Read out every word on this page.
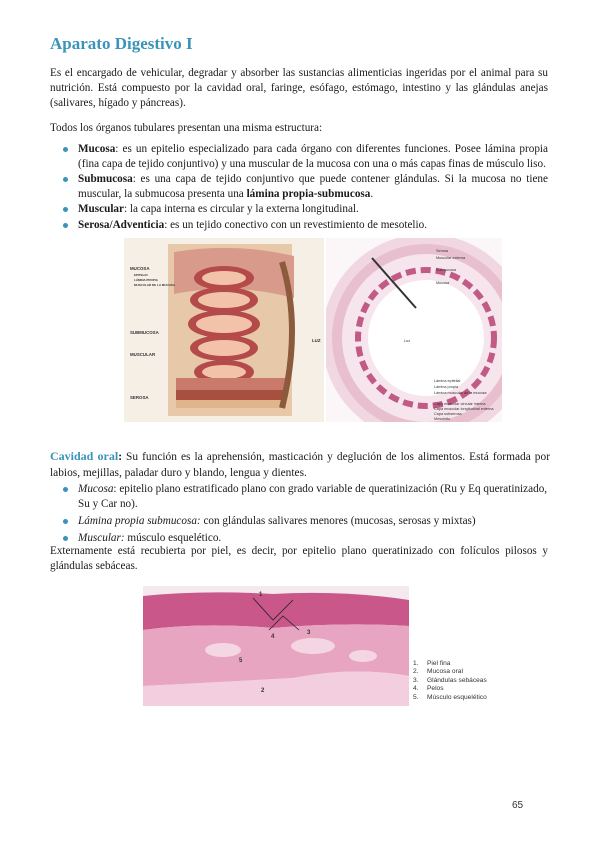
Aparato Digestivo I
Es el encargado de vehicular, degradar y absorber las sustancias alimenticias ingeridas por el animal para su nutrición. Está compuesto por la cavidad oral, faringe, esófago, estómago, intestino y las glándulas anejas (salivares, hígado y páncreas).
Todos los órganos tubulares presentan una misma estructura:
Mucosa: es un epitelio especializado para cada órgano con diferentes funciones. Posee lámina propia (fina capa de tejido conjuntivo) y una muscular de la mucosa con una o más capas finas de músculo liso.
Submucosa: es una capa de tejido conjuntivo que puede contener glándulas. Si la mucosa no tiene muscular, la submucosa presenta una lámina propia-submucosa.
Muscular: la capa interna es circular y la externa longitudinal.
Serosa/Adventicia: es un tejido conectivo con un revestimiento de mesotelio.
MUCOSA
EPITELIO
LÁMINA PROPIA
MUSCULAR DE LA MUCOSA
SUBMUCOSA
MUSCULAR
SEROSA
LUZ
Serosa
Muscular externa
Submucosa
Mucosa
Luz
Lámina epitelial
Lámina propia
Lámina muscular de la mucosa
Capa muscular circular interna
Capa muscular longitudinal externa
Capa subserosa
Mesotelio
Cavidad oral: Su función es la aprehensión, masticación y deglución de los alimentos. Está formada por labios, mejillas, paladar duro y blando, lengua y dientes.
Mucosa: epitelio plano estratificado plano con grado variable de queratinización (Ru y Eq queratinizado, Su y Car no).
Lámina propia submucosa: con glándulas salivares menores (mucosas, serosas y mixtas)
Muscular: músculo esquelético.
Externamente está recubierta por piel, es decir, por epitelio plano queratinizado con folículos pilosos y glándulas sebáceas.
1
2
3
4
5	1. Piel fina
2. Mucosa oral
3. Glándulas sebáceas
4. Pelos
5. Músculo esquelético
65
